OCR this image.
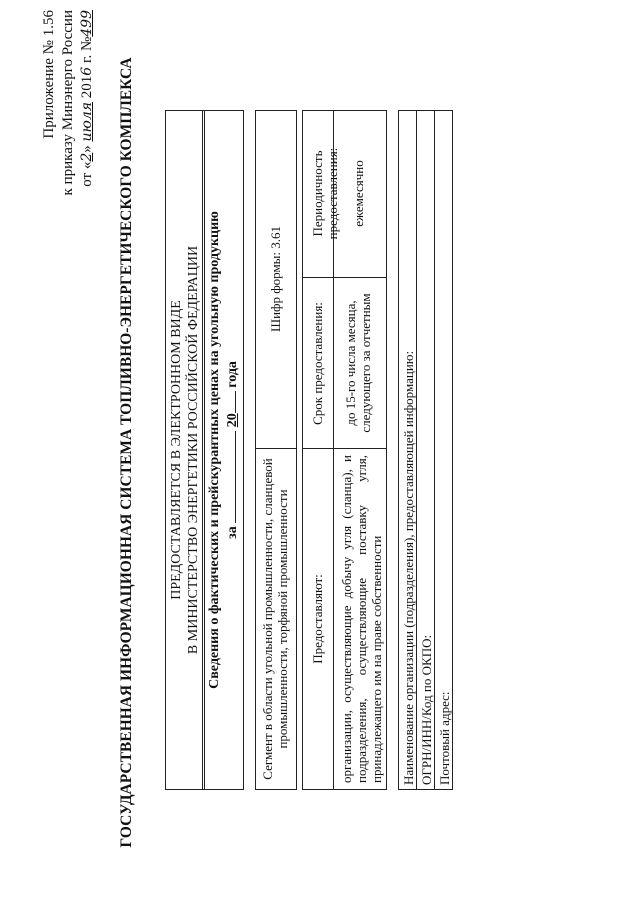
Приложение № 1.56 к приказу Минэнерго России от «2» июля 2016 г. №499
ГОСУДАРСТВЕННАЯ ИНФОРМАЦИОННАЯ СИСТЕМА ТОПЛИВНО-ЭНЕРГЕТИЧЕСКОГО КОМПЛЕКСА ПРЕДОСТАВЛЯЕТСЯ В ЭЛЕКТРОННОМ ВИДЕ В МИНИСТЕРСТВО ЭНЕРГЕТИКИ РОССИЙСКОЙ ФЕДЕРАЦИИ Сведения о фактических и прейскурантных ценах на угольную продукцию за  20 года
Сегмент в области угольной промышленности, сланцевой промышленности, торфяной промышленности
Шифр формы: 3.61
Предоставляют:
Срок предоставления:
Периодичность предоставления:
организации, осуществляющие добычу угля (сланца), и подразделения, осуществляющие поставку угля, принадлежащего им на праве собственности
до 15-го числа месяца, следующего за отчетным
ежемесячно
Наименование организации (подразделения), предоставляющей информацию: ОГРН/ИНН/Код по ОКПО: Почтовый адрес:
